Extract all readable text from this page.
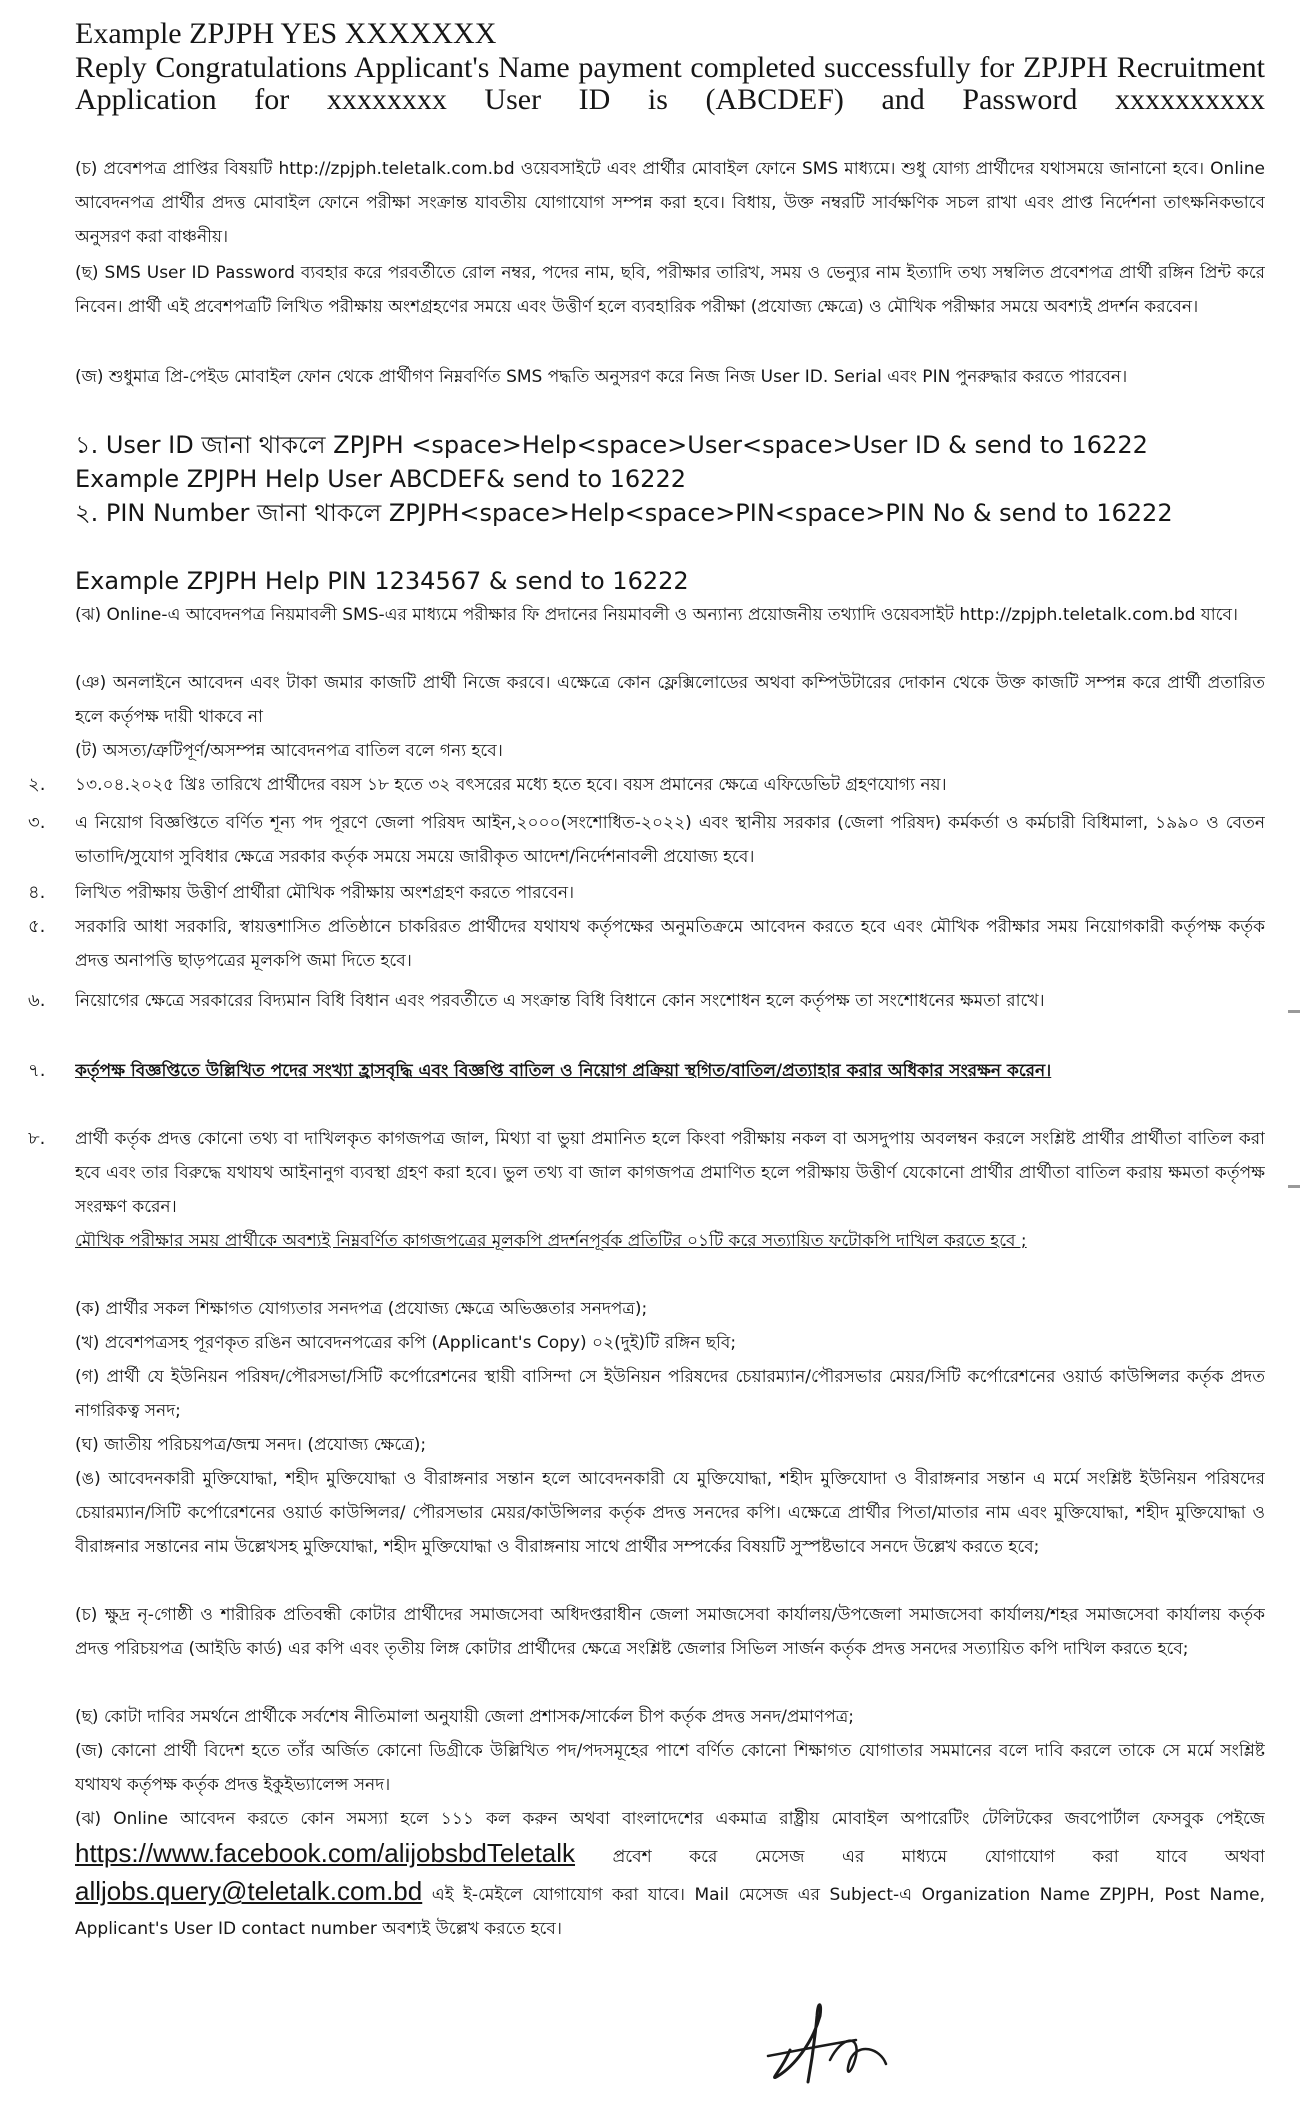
Example ZPJPH YES XXXXXXX

Reply Congratulations Applicant's Name payment completed successfully for ZPJPH Recruitment Application for xxxxxxxx User ID is (ABCDEF) and Password xxxxxxxxxx

(চ) প্রবেশপত্র প্রাপ্তির বিষয়টি http://zpjph.teletalk.com.bd ওয়েবসাইটে এবং প্রার্থীর মোবাইল ফোনে SMS মাধ্যমে। শুধু যোগ্য প্রার্থীদের যথাসময়ে জানানো হবে। Online আবেদনপত্র প্রার্থীর প্রদত্ত মোবাইল ফোনে পরীক্ষা সংক্রান্ত যাবতীয় যোগাযোগ সম্পন্ন করা হবে। বিধায়, উক্ত নম্বরটি সার্বক্ষণিক সচল রাখা এবং প্রাপ্ত নির্দেশনা তাৎক্ষনিকভাবে অনুসরণ করা বাঞ্চনীয়।

(ছ) SMS User ID Password ব্যবহার করে পরবর্তীতে রোল নম্বর, পদের নাম, ছবি, পরীক্ষার তারিখ, সময় ও ভেন্যুর নাম ইত্যাদি তথ্য সম্বলিত প্রবেশপত্র প্রার্থী রঙ্গিন প্রিন্ট করে নিবেন। প্রার্থী এই প্রবেশপত্রটি লিখিত পরীক্ষায় অংশগ্রহণের সময়ে এবং উত্তীর্ণ হলে ব্যবহারিক পরীক্ষা (প্রযোজ্য ক্ষেত্রে) ও মৌখিক পরীক্ষার সময়ে অবশ্যই প্রদর্শন করবেন।

(জ) শুধুমাত্র প্রি-পেইড মোবাইল ফোন থেকে প্রার্থীগণ নিম্নবর্ণিত SMS পদ্ধতি অনুসরণ করে নিজ নিজ User ID. Serial এবং PIN পুনরুদ্ধার করতে পারবেন।

১. User ID জানা থাকলে ZPJPH <space>Help<space>User<space>User ID & send to 16222

Example ZPJPH Help User ABCDEF& send to 16222

২. PIN Number জানা থাকলে ZPJPH<space>Help<space>PIN<space>PIN No & send to 16222

Example ZPJPH Help PIN 1234567 & send to 16222

(ঝ) Online-এ আবেদনপত্র নিয়মাবলী SMS-এর মাধ্যমে পরীক্ষার ফি প্রদানের নিয়মাবলী ও অন্যান্য প্রয়োজনীয় তথ্যাদি ওয়েবসাইট http://zpjph.teletalk.com.bd যাবে।

(ঞ) অনলাইনে আবেদন এবং টাকা জমার কাজটি প্রার্থী নিজে করবে। এক্ষেত্রে কোন ফ্লেক্সিলোডের অথবা কম্পিউটারের দোকান থেকে উক্ত কাজটি সম্পন্ন করে প্রার্থী প্রতারিত হলে কর্তৃপক্ষ দায়ী থাকবে না

(ট) অসত্য/ত্রুটিপূর্ণ/অসম্পন্ন আবেদনপত্র বাতিল বলে গন্য হবে।

২.	১৩.০৪.২০২৫ খ্রিঃ তারিখে প্রার্থীদের বয়স ১৮ হতে ৩২ বৎসরের মধ্যে হতে হবে। বয়স প্রমানের ক্ষেত্রে এফিডেভিট গ্রহণযোগ্য নয়।

৩.	এ নিয়োগ বিজ্ঞপ্তিতে বর্ণিত শূন্য পদ পূরণে জেলা পরিষদ আইন,২০০০(সংশোধিত-২০২২) এবং স্থানীয় সরকার (জেলা পরিষদ) কর্মকর্তা ও কর্মচারী বিধিমালা, ১৯৯০ ও বেতন ভাতাদি/সুযোগ সুবিধার ক্ষেত্রে সরকার কর্তৃক সময়ে সময়ে জারীকৃত আদেশ/নির্দেশনাবলী প্রযোজ্য হবে।

৪.	লিখিত পরীক্ষায় উত্তীর্ণ প্রার্থীরা মৌখিক পরীক্ষায় অংশগ্রহণ করতে পারবেন।

৫.	সরকারি আধা সরকারি, স্বায়ত্তশাসিত প্রতিষ্ঠানে চাকরিরত প্রার্থীদের যথাযথ কর্তৃপক্ষের অনুমতিক্রমে আবেদন করতে হবে এবং মৌখিক পরীক্ষার সময় নিয়োগকারী কর্তৃপক্ষ কর্তৃক প্রদত্ত অনাপত্তি ছাড়পত্রের মূলকপি জমা দিতে হবে।

৬.	নিয়োগের ক্ষেত্রে সরকারের বিদ্যমান বিধি বিধান এবং পরবর্তীতে এ সংক্রান্ত বিধি বিধানে কোন সংশোধন হলে কর্তৃপক্ষ তা সংশোধনের ক্ষমতা রাখে।

৭.	কর্তৃপক্ষ বিজ্ঞপ্তিতে উল্লিখিত পদের সংখ্যা হ্রাসবৃদ্ধি এবং বিজ্ঞপ্তি বাতিল ও নিয়োগ প্রক্রিয়া স্থগিত/বাতিল/প্রত্যাহার করার অধিকার সংরক্ষন করেন।

৮.	প্রার্থী কর্তৃক প্রদত্ত কোনো তথ্য বা দাখিলকৃত কাগজপত্র জাল, মিথ্যা বা ভুয়া প্রমানিত হলে কিংবা পরীক্ষায় নকল বা অসদুপায় অবলম্বন করলে সংশ্লিষ্ট প্রার্থীর প্রার্থীতা বাতিল করা হবে এবং তার বিরুদ্ধে যথাযথ আইনানুগ ব্যবস্থা গ্রহণ করা হবে। ভুল তথ্য বা জাল কাগজপত্র প্রমাণিত হলে পরীক্ষায় উত্তীর্ণ যেকোনো প্রার্থীর প্রার্থীতা বাতিল করায় ক্ষমতা কর্তৃপক্ষ সংরক্ষণ করেন।

মৌখিক পরীক্ষার সময় প্রার্থীকে অবশ্যই নিম্নবর্ণিত কাগজপত্রের মূলকপি প্রদর্শনপূর্বক প্রতিটির ০১টি করে সত্যায়িত ফটোকপি দাখিল করতে হবে ;

(ক) প্রার্থীর সকল শিক্ষাগত যোগ্যতার সনদপত্র (প্রযোজ্য ক্ষেত্রে অভিজ্ঞতার সনদপত্র);

(খ) প্রবেশপত্রসহ পূরণকৃত রঙিন আবেদনপত্রের কপি (Applicant's Copy) ০২(দুই)টি রঙ্গিন ছবি;

(গ) প্রার্থী যে ইউনিয়ন পরিষদ/পৌরসভা/সিটি কর্পোরেশনের স্থায়ী বাসিন্দা সে ইউনিয়ন পরিষদের চেয়ারম্যান/পৌরসভার মেয়র/সিটি কর্পোরেশনের ওয়ার্ড কাউন্সিলর কর্তৃক প্রদত নাগরিকত্ব সনদ;

(ঘ) জাতীয় পরিচয়পত্র/জন্ম সনদ। (প্রযোজ্য ক্ষেত্রে);

(ঙ) আবেদনকারী মুক্তিযোদ্ধা, শহীদ মুক্তিযোদ্ধা ও বীরাঙ্গনার সন্তান হলে আবেদনকারী যে মুক্তিযোদ্ধা, শহীদ মুক্তিযোদা ও বীরাঙ্গনার সন্তান এ মর্মে সংশ্লিষ্ট ইউনিয়ন পরিষদের চেয়ারম্যান/সিটি কর্পোরেশনের ওয়ার্ড কাউন্সিলর/ পৌরসভার মেয়র/কাউন্সিলর কর্তৃক প্রদত্ত সনদের কপি। এক্ষেত্রে প্রার্থীর পিতা/মাতার নাম এবং মুক্তিযোদ্ধা, শহীদ মুক্তিযোদ্ধা ও বীরাঙ্গনার সন্তানের নাম উল্লেখসহ মুক্তিযোদ্ধা, শহীদ মুক্তিযোদ্ধা ও বীরাঙ্গনায় সাথে প্রার্থীর সম্পর্কের বিষয়টি সুস্পষ্টভাবে সনদে উল্লেখ করতে হবে;

(চ) ক্ষুদ্র নৃ-গোষ্ঠী ও শারীরিক প্রতিবন্ধী কোটার প্রার্থীদের সমাজসেবা অধিদপ্তরাধীন জেলা সমাজসেবা কার্যালয়/উপজেলা সমাজসেবা কার্যালয়/শহর সমাজসেবা কার্যালয় কর্তৃক প্রদত্ত পরিচয়পত্র (আইডি কার্ড) এর কপি এবং তৃতীয় লিঙ্গ কোটার প্রার্থীদের ক্ষেত্রে সংশ্লিষ্ট জেলার সিভিল সার্জন কর্তৃক প্রদত্ত সনদের সত্যায়িত কপি দাখিল করতে হবে;

(ছ) কোটা দাবির সমর্থনে প্রার্থীকে সর্বশেষ নীতিমালা অনুযায়ী জেলা প্রশাসক/সার্কেল চীপ কর্তৃক প্রদত্ত সনদ/প্রমাণপত্র;

(জ) কোনো প্রার্থী বিদেশ হতে তাঁর অর্জিত কোনো ডিগ্রীকে উল্লিখিত পদ/পদসমূহের পাশে বর্ণিত কোনো শিক্ষাগত যোগাতার সমমানের বলে দাবি করলে তাকে সে মর্মে সংশ্লিষ্ট যথাযথ কর্তৃপক্ষ কর্তৃক প্রদত্ত ইকুইভ্যালেন্স সনদ।

(ঝ) Online আবেদন করতে কোন সমস্যা হলে ১১১ কল করুন অথবা বাংলাদেশের একমাত্র রাষ্ট্রীয় মোবাইল অপারেটিং টেলিটকের জবপোর্টাল ফেসবুক পেইজে https://www.facebook.com/alijobsbdTeletalk প্রবেশ করে মেসেজ এর মাধ্যমে যোগাযোগ করা যাবে অথবা alljobs.query@teletalk.com.bd এই ই-মেইলে যোগাযোগ করা যাবে। Mail মেসেজ এর Subject-এ Organization Name ZPJPH, Post Name, Applicant's User ID contact number অবশ্যই উল্লেখ করতে হবে।
